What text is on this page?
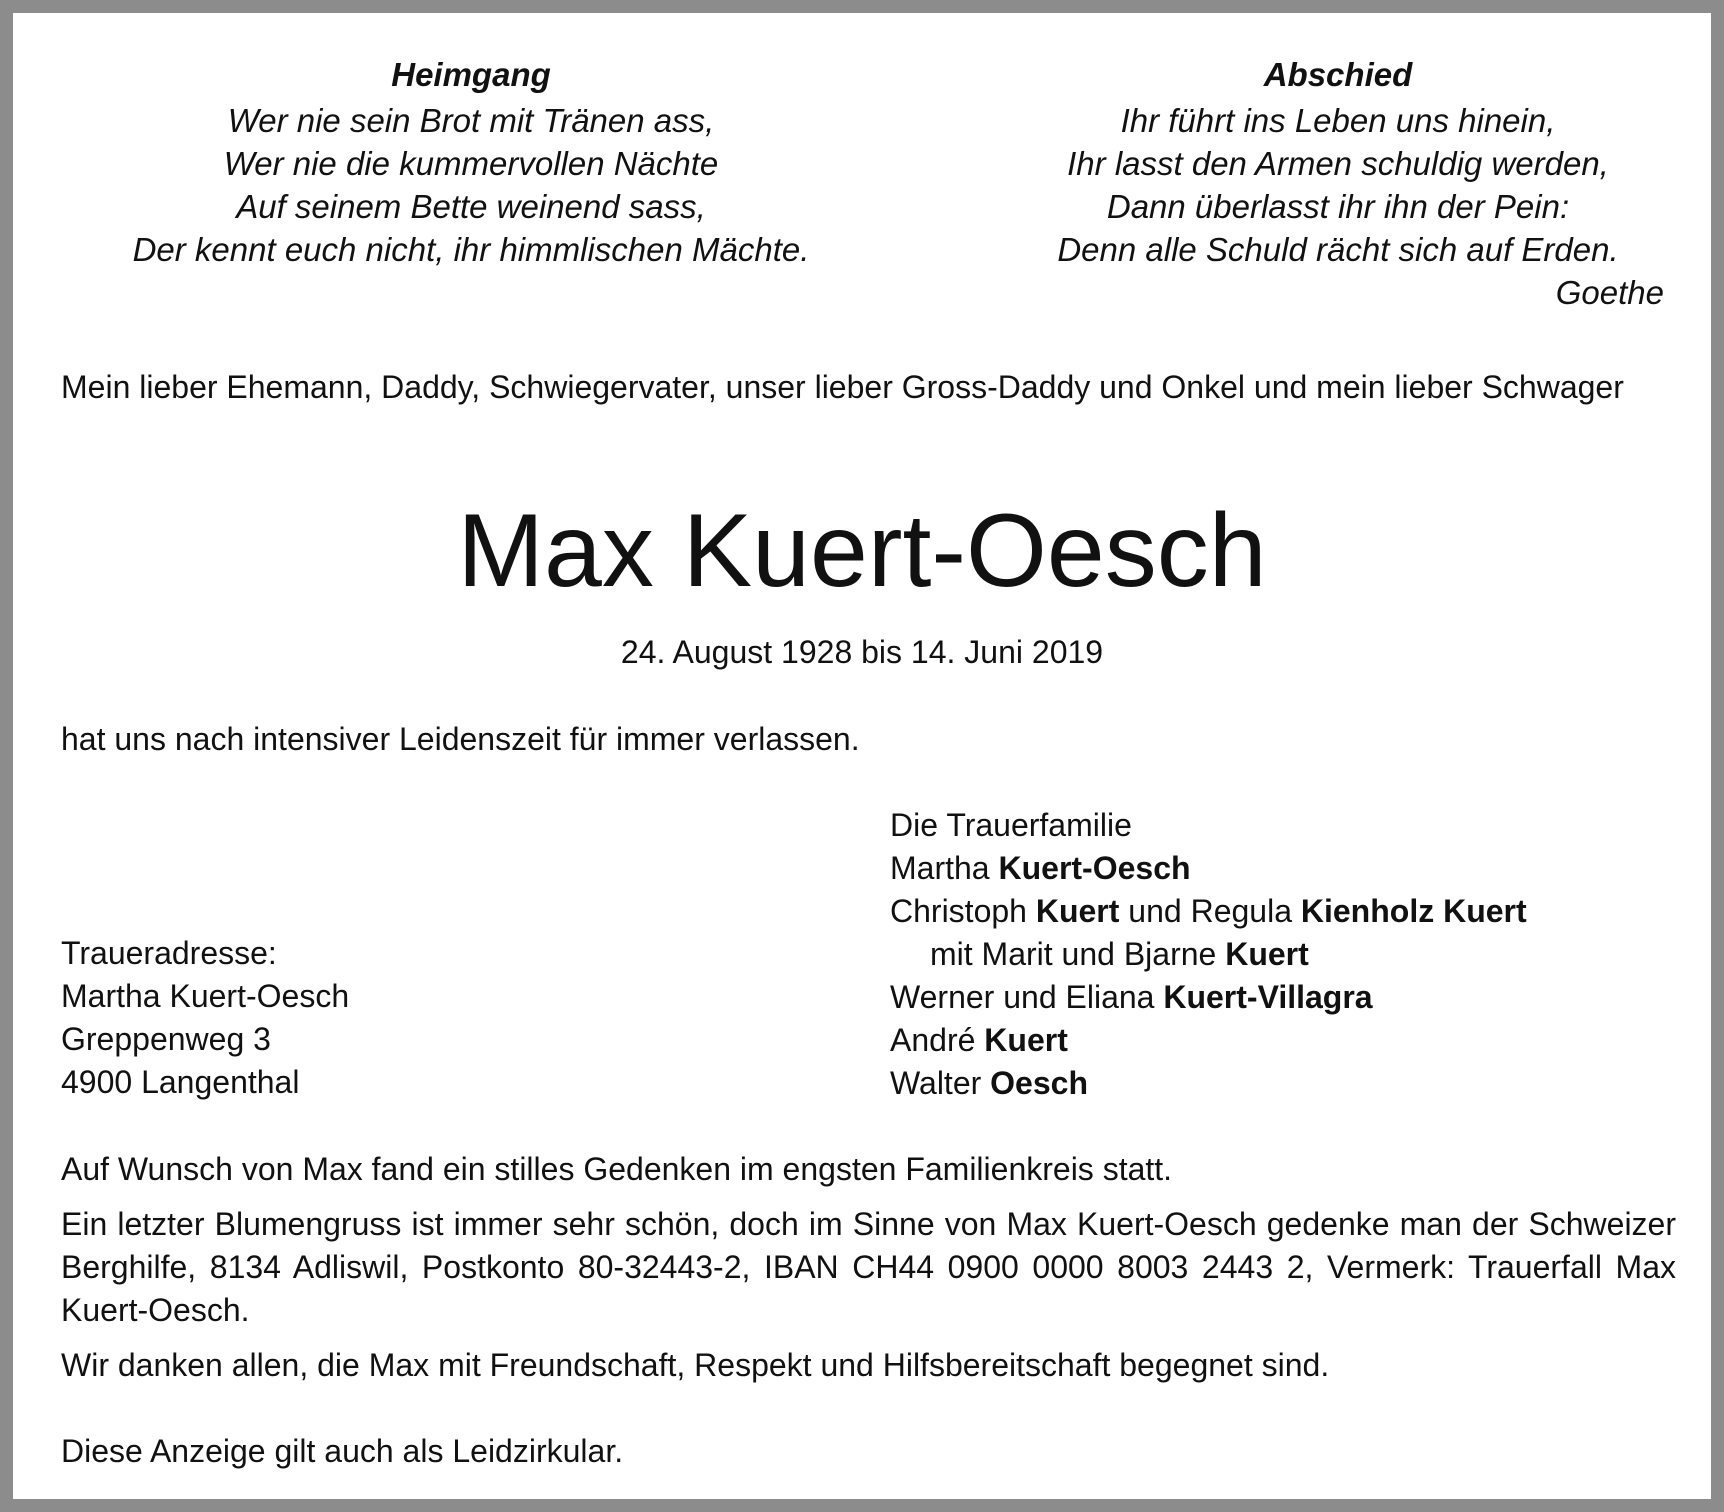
Heimgang
Wer nie sein Brot mit Tränen ass,
Wer nie die kummervollen Nächte
Auf seinem Bette weinend sass,
Der kennt euch nicht, ihr himmlischen Mächte.
Abschied
Ihr führt ins Leben uns hinein,
Ihr lasst den Armen schuldig werden,
Dann überlasst ihr ihn der Pein:
Denn alle Schuld rächt sich auf Erden.
Goethe
Mein lieber Ehemann, Daddy, Schwiegervater, unser lieber Gross-Daddy und Onkel und mein lieber Schwager
Max Kuert-Oesch
24. August 1928 bis 14. Juni 2019
hat uns nach intensiver Leidenszeit für immer verlassen.
Traueradresse:
Martha Kuert-Oesch
Greppenweg 3
4900 Langenthal
Die Trauerfamilie
Martha Kuert-Oesch
Christoph Kuert und Regula Kienholz Kuert
mit Marit und Bjarne Kuert
Werner und Eliana Kuert-Villagra
André Kuert
Walter Oesch
Auf Wunsch von Max fand ein stilles Gedenken im engsten Familienkreis statt.
Ein letzter Blumengruss ist immer sehr schön, doch im Sinne von Max Kuert-Oesch gedenke man der Schweizer Berghilfe, 8134 Adliswil, Postkonto 80-32443-2, IBAN CH44 0900 0000 8003 2443 2, Vermerk: Trauerfall Max Kuert-Oesch.
Wir danken allen, die Max mit Freundschaft, Respekt und Hilfsbereitschaft begegnet sind.
Diese Anzeige gilt auch als Leidzirkular.
